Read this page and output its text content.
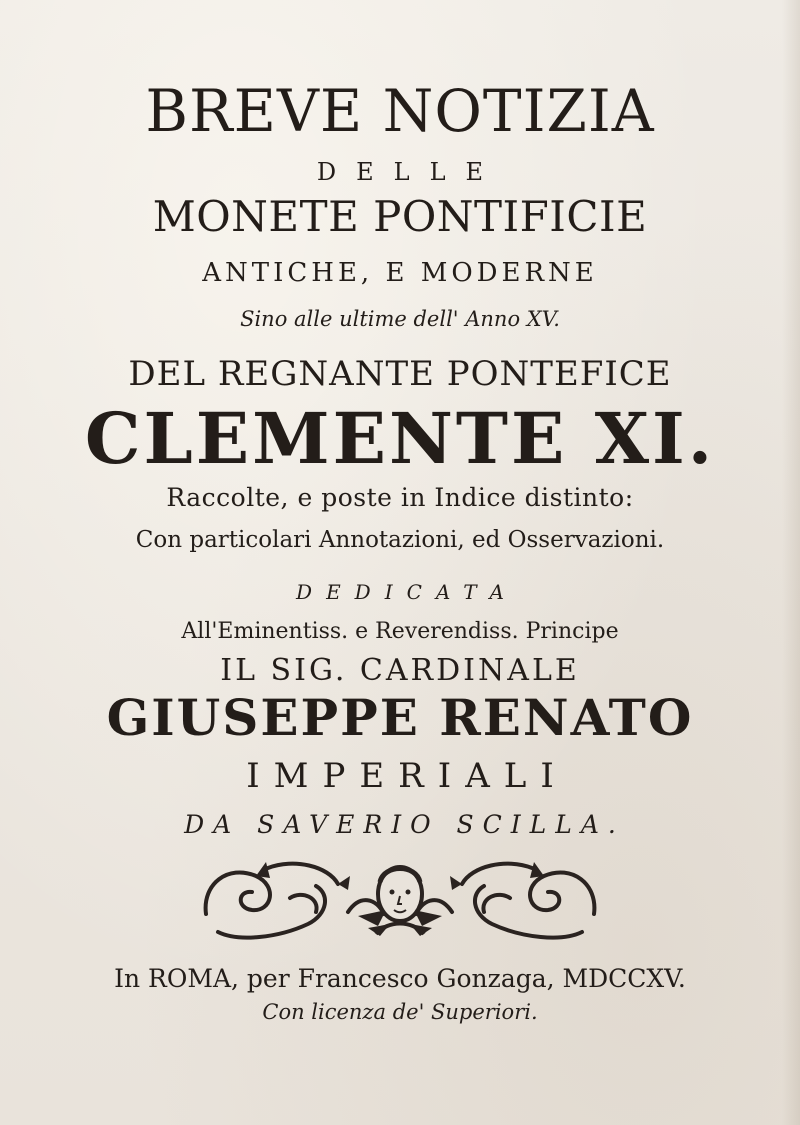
BREVE NOTIZIA
DELLE
MONETE PONTIFICIE
ANTICHE, E MODERNE
Sino alle ultime dell' Anno XV.
DEL REGNANTE PONTEFICE
CLEMENTE XI.
Raccolte, e poste in Indice distinto:
Con particolari Annotazioni, ed Osservazioni.
DEDICATA
All'Eminentiss. e Reverendiss. Principe
IL SIG. CARDINALE
GIUSEPPE RENATO
IMPERIALI
DA SAVERIO SCILLA.
In ROMA, per Francesco Gonzaga, MDCCXV.
Con licenza de' Superiori.
